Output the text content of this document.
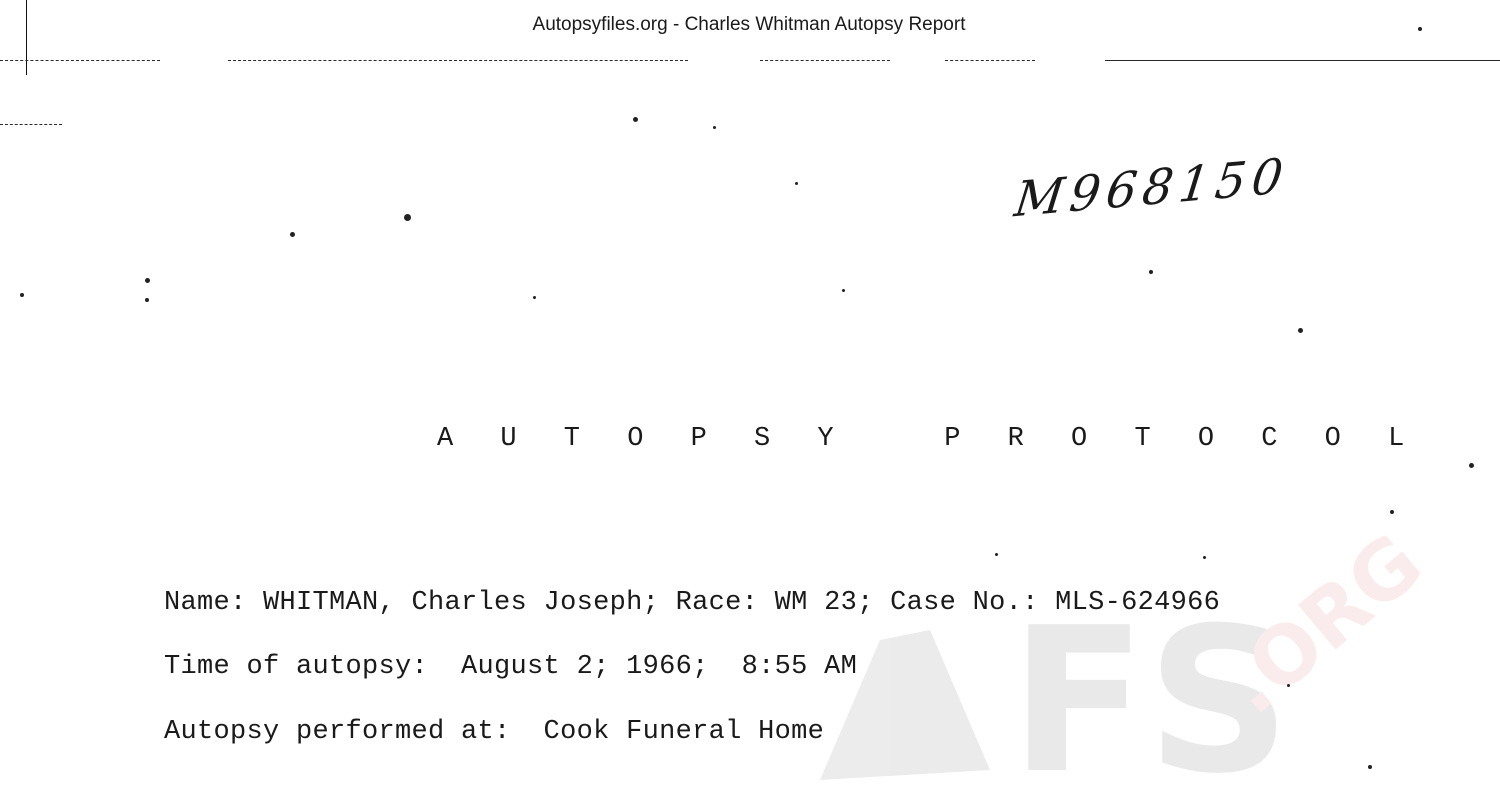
Autopsyfiles.org - Charles Whitman Autopsy Report
FS
.ORG
M968150
A U T O P S Y   P R O T O C O L
Name: WHITMAN, Charles Joseph; Race: WM 23; Case No.: MLS-624966
Time of autopsy:  August 2; 1966;  8:55 AM
Autopsy performed at:  Cook Funeral Home
